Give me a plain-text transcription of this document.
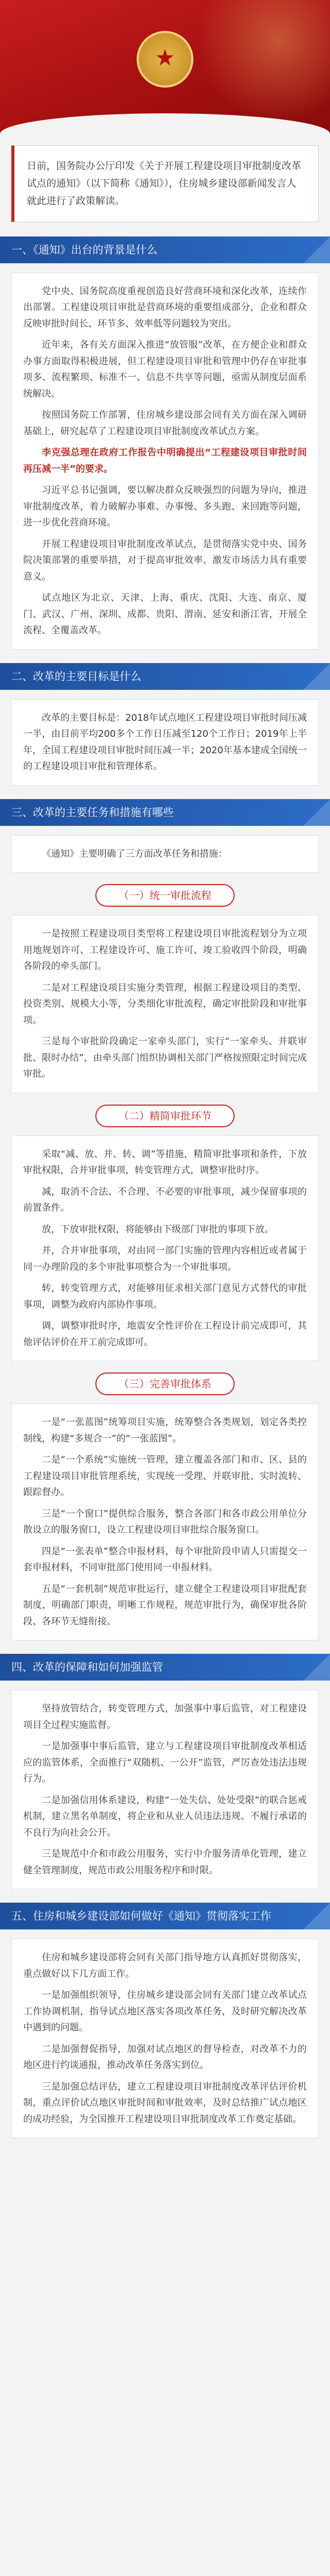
★
日前，国务院办公厅印发《关于开展工程建设项目审批制度改革试点的通知》（以下简称《通知》），住房城乡建设部新闻发言人就此进行了政策解读。
一、《通知》出台的背景是什么

党中央、国务院高度重视创造良好营商环境和深化改革，连续作出部署。工程建设项目审批是营商环境的重要组成部分，企业和群众反映审批时间长、环节多、效率低等问题较为突出。

近年来，各有关方面深入推进“放管服”改革，在方便企业和群众办事方面取得积极进展，但工程建设项目审批和管理中仍存在审批事项多、流程繁琐、标准不一、信息不共享等问题，亟需从制度层面系统解决。

按照国务院工作部署，住房城乡建设部会同有关方面在深入调研基础上，研究起草了工程建设项目审批制度改革试点方案。

李克强总理在政府工作报告中明确提出“工程建设项目审批时间再压减一半”的要求。

习近平总书记强调，要以解决群众反映强烈的问题为导向，推进审批制度改革，着力破解办事难、办事慢、多头跑、来回跑等问题，进一步优化营商环境。

开展工程建设项目审批制度改革试点，是贯彻落实党中央、国务院决策部署的重要举措，对于提高审批效率、激发市场活力具有重要意义。

试点地区为北京、天津、上海、重庆、沈阳、大连、南京、厦门、武汉、广州、深圳、成都、贵阳、渭南、延安和浙江省，开展全流程、全覆盖改革。

二、改革的主要目标是什么

改革的主要目标是：2018年试点地区工程建设项目审批时间压减一半，由目前平均200多个工作日压减至120个工作日；2019年上半年，全国工程建设项目审批时间压减一半；2020年基本建成全国统一的工程建设项目审批和管理体系。

三、改革的主要任务和措施有哪些

《通知》主要明确了三方面改革任务和措施：

（一）统一审批流程

一是按照工程建设项目类型将工程建设项目审批流程划分为立项用地规划许可、工程建设许可、施工许可、竣工验收四个阶段，明确各阶段的牵头部门。

二是对工程建设项目实施分类管理，根据工程建设项目的类型、投资类别、规模大小等，分类细化审批流程，确定审批阶段和审批事项。

三是每个审批阶段确定一家牵头部门，实行“一家牵头、并联审批、限时办结”，由牵头部门组织协调相关部门严格按照限定时间完成审批。

（二）精简审批环节

采取“减、放、并、转、调”等措施，精简审批事项和条件，下放审批权限，合并审批事项，转变管理方式，调整审批时序。

减，取消不合法、不合理、不必要的审批事项，减少保留事项的前置条件。

放，下放审批权限，将能够由下级部门审批的事项下放。

并，合并审批事项，对由同一部门实施的管理内容相近或者属于同一办理阶段的多个审批事项整合为一个审批事项。

转，转变管理方式，对能够用征求相关部门意见方式替代的审批事项，调整为政府内部协作事项。

调，调整审批时序，地震安全性评价在工程设计前完成即可，其他评估评价在开工前完成即可。

（三）完善审批体系

一是“一张蓝图”统筹项目实施，统筹整合各类规划，划定各类控制线，构建“多规合一”的“一张蓝图”。

二是“一个系统”实施统一管理，建立覆盖各部门和市、区、县的工程建设项目审批管理系统，实现统一受理、并联审批、实时流转、跟踪督办。

三是“一个窗口”提供综合服务，整合各部门和各市政公用单位分散设立的服务窗口，设立工程建设项目审批综合服务窗口。

四是“一张表单”整合申报材料，每个审批阶段申请人只需提交一套申报材料，不同审批部门使用同一申报材料。

五是“一套机制”规范审批运行，建立健全工程建设项目审批配套制度，明确部门职责，明晰工作规程，规范审批行为，确保审批各阶段、各环节无缝衔接。

四、改革的保障和如何加强监管

坚持放管结合，转变管理方式，加强事中事后监管，对工程建设项目全过程实施监督。

一是加强事中事后监管，建立与工程建设项目审批制度改革相适应的监管体系，全面推行“双随机、一公开”监管，严厉查处违法违规行为。

二是加强信用体系建设，构建“一处失信、处处受限”的联合惩戒机制，建立黑名单制度，将企业和从业人员违法违规、不履行承诺的不良行为向社会公开。

三是规范中介和市政公用服务，实行中介服务清单化管理，建立健全管理制度，规范市政公用服务程序和时限。

五、住房和城乡建设部如何做好《通知》贯彻落实工作

住房和城乡建设部将会同有关部门指导地方认真抓好贯彻落实，重点做好以下几方面工作。

一是加强组织领导，住房城乡建设部会同有关部门建立改革试点工作协调机制，指导试点地区落实各项改革任务，及时研究解决改革中遇到的问题。

二是加强督促指导，加强对试点地区的督导检查，对改革不力的地区进行约谈通报，推动改革任务落实到位。

三是加强总结评估，建立工程建设项目审批制度改革评估评价机制，重点评价试点地区审批时间和审批效率，及时总结推广试点地区的成功经验，为全国推开工程建设项目审批制度改革工作奠定基础。
